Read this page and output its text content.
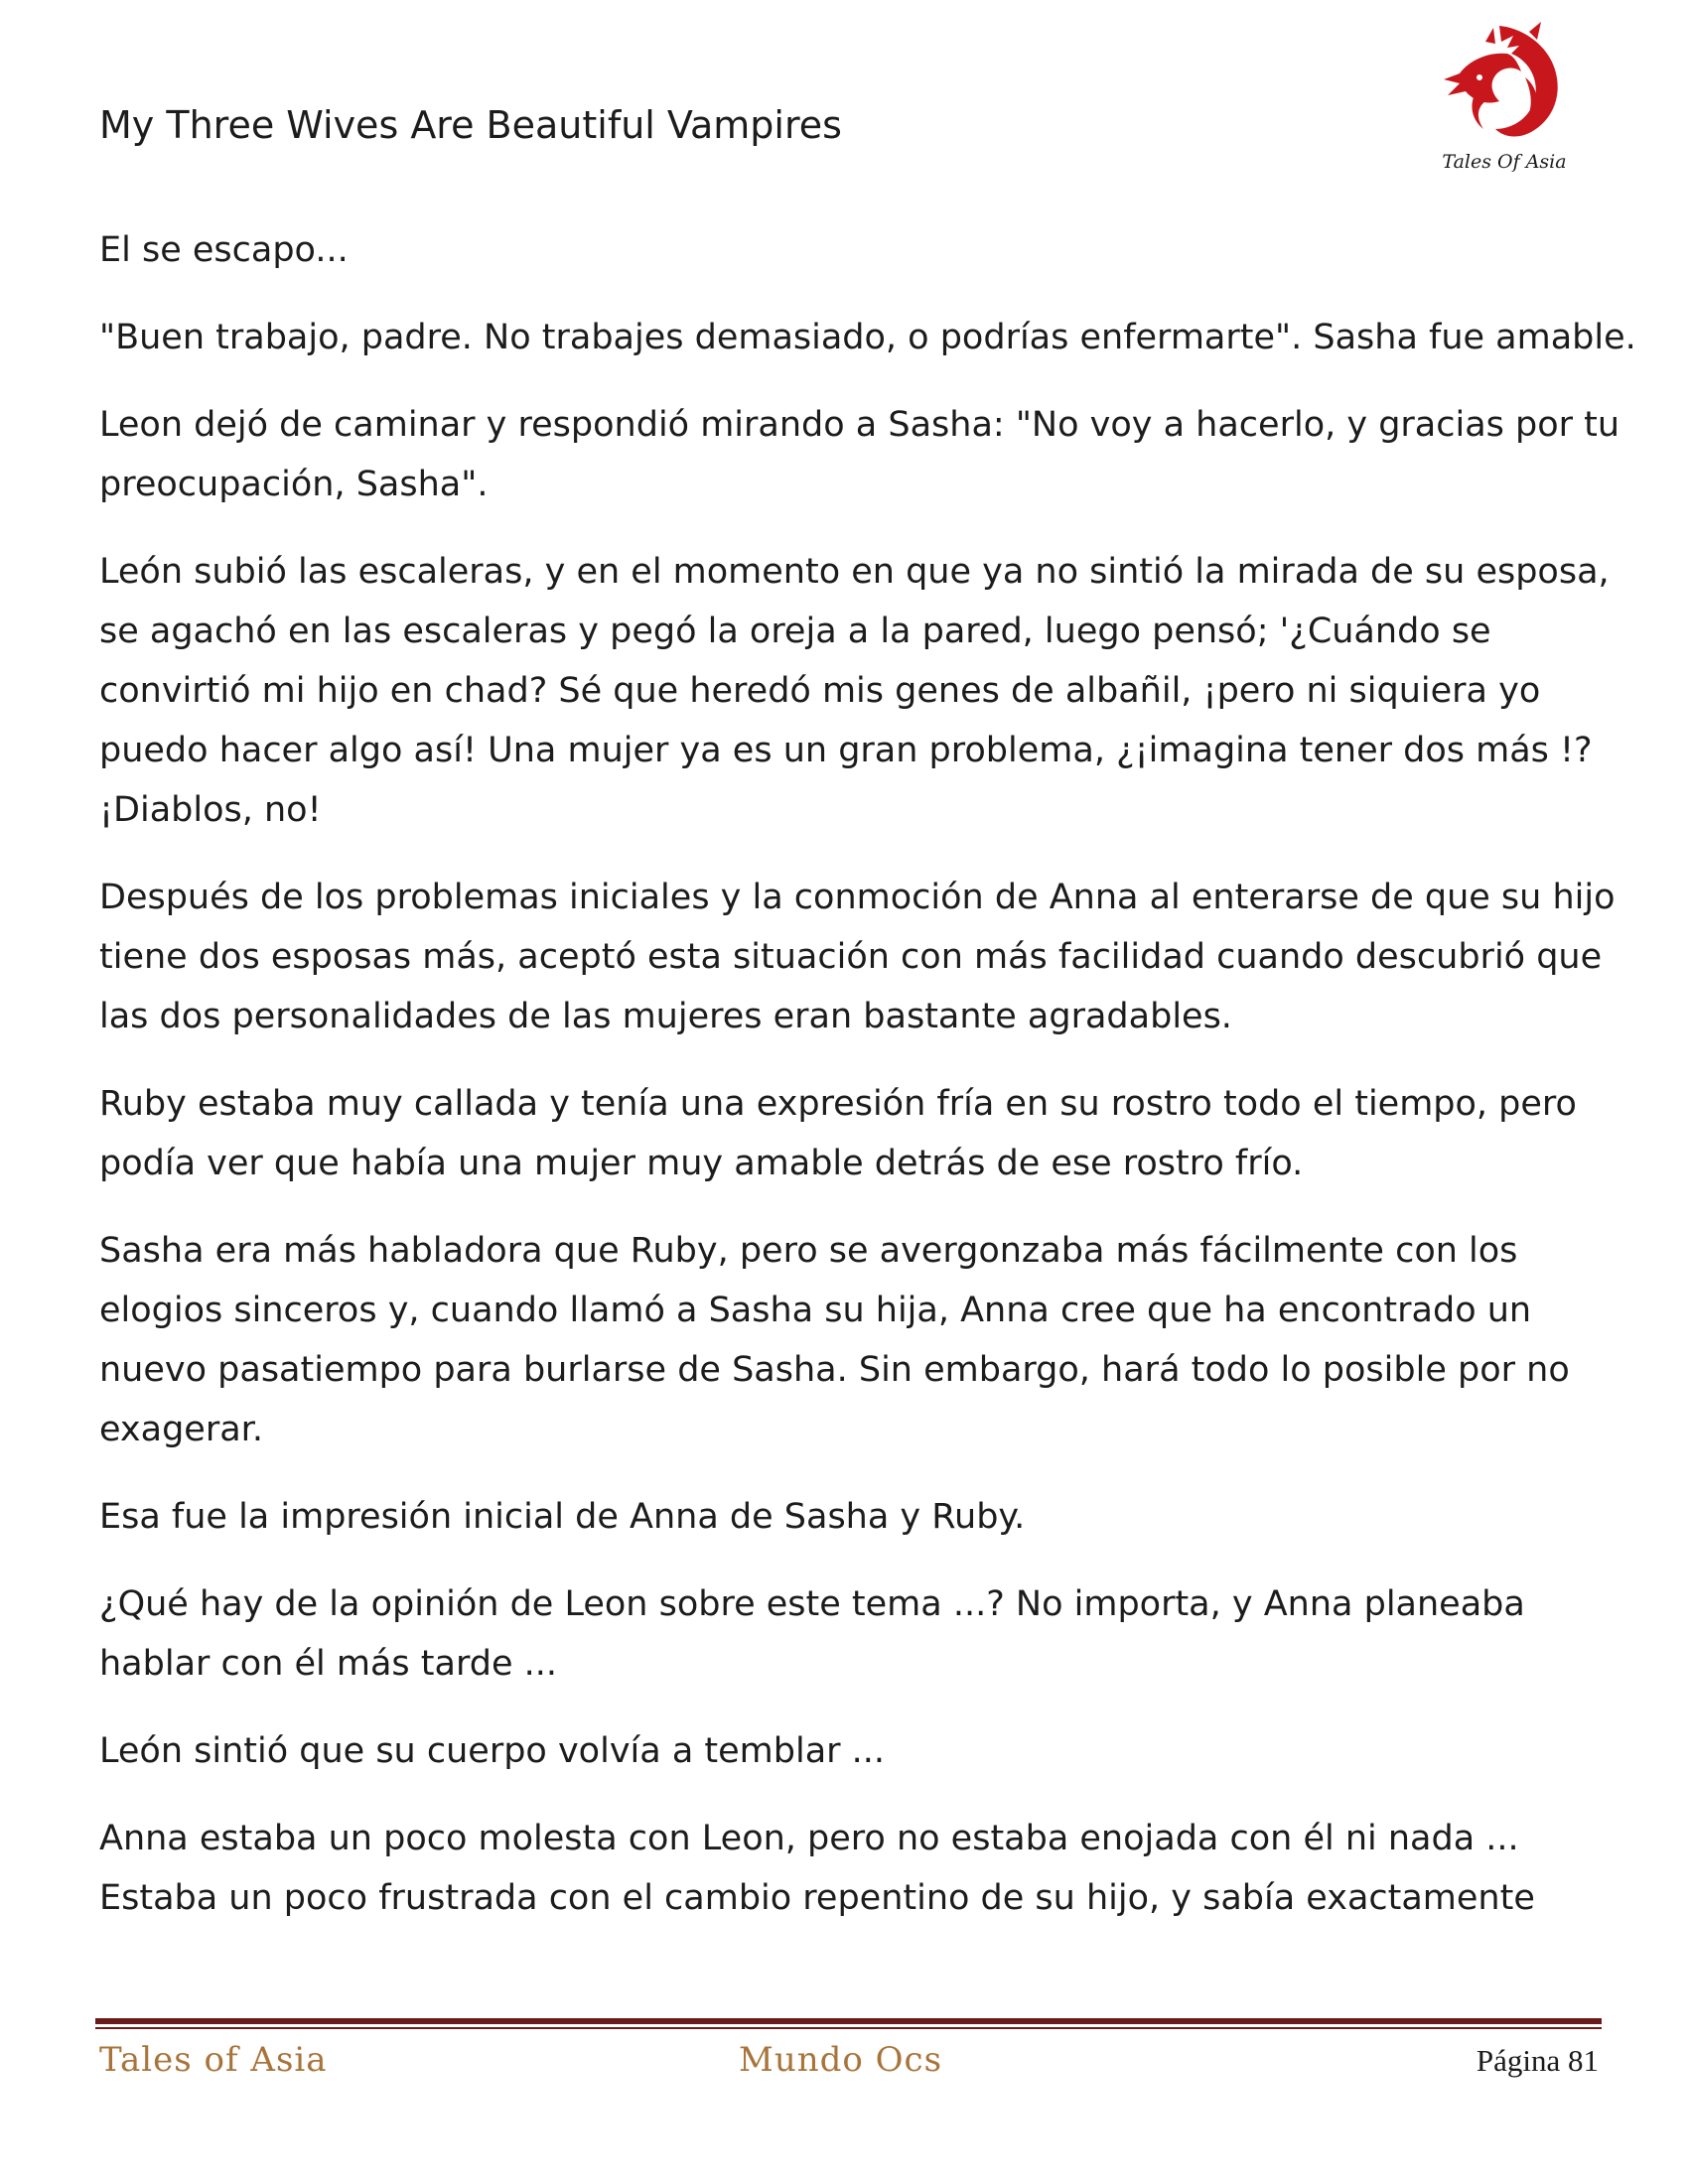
My Three Wives Are Beautiful Vampires
Tales Of Asia

El se escapo...

"Buen trabajo, padre. No trabajes demasiado, o podrías enfermarte". Sasha fue amable.

Leon dejó de caminar y respondió mirando a Sasha: "No voy a hacerlo, y gracias por tu
preocupación, Sasha".

León subió las escaleras, y en el momento en que ya no sintió la mirada de su esposa,
se agachó en las escaleras y pegó la oreja a la pared, luego pensó; '¿Cuándo se
convirtió mi hijo en chad? Sé que heredó mis genes de albañil, ¡pero ni siquiera yo
puedo hacer algo así! Una mujer ya es un gran problema, ¿¡imagina tener dos más !?
¡Diablos, no!

Después de los problemas iniciales y la conmoción de Anna al enterarse de que su hijo
tiene dos esposas más, aceptó esta situación con más facilidad cuando descubrió que
las dos personalidades de las mujeres eran bastante agradables.

Ruby estaba muy callada y tenía una expresión fría en su rostro todo el tiempo, pero
podía ver que había una mujer muy amable detrás de ese rostro frío.

Sasha era más habladora que Ruby, pero se avergonzaba más fácilmente con los
elogios sinceros y, cuando llamó a Sasha su hija, Anna cree que ha encontrado un
nuevo pasatiempo para burlarse de Sasha. Sin embargo, hará todo lo posible por no
exagerar.

Esa fue la impresión inicial de Anna de Sasha y Ruby.

¿Qué hay de la opinión de Leon sobre este tema ...? No importa, y Anna planeaba
hablar con él más tarde ...

León sintió que su cuerpo volvía a temblar ...

Anna estaba un poco molesta con Leon, pero no estaba enojada con él ni nada ...
Estaba un poco frustrada con el cambio repentino de su hijo, y sabía exactamente

Tales of Asia	Mundo Ocs	Página 81
